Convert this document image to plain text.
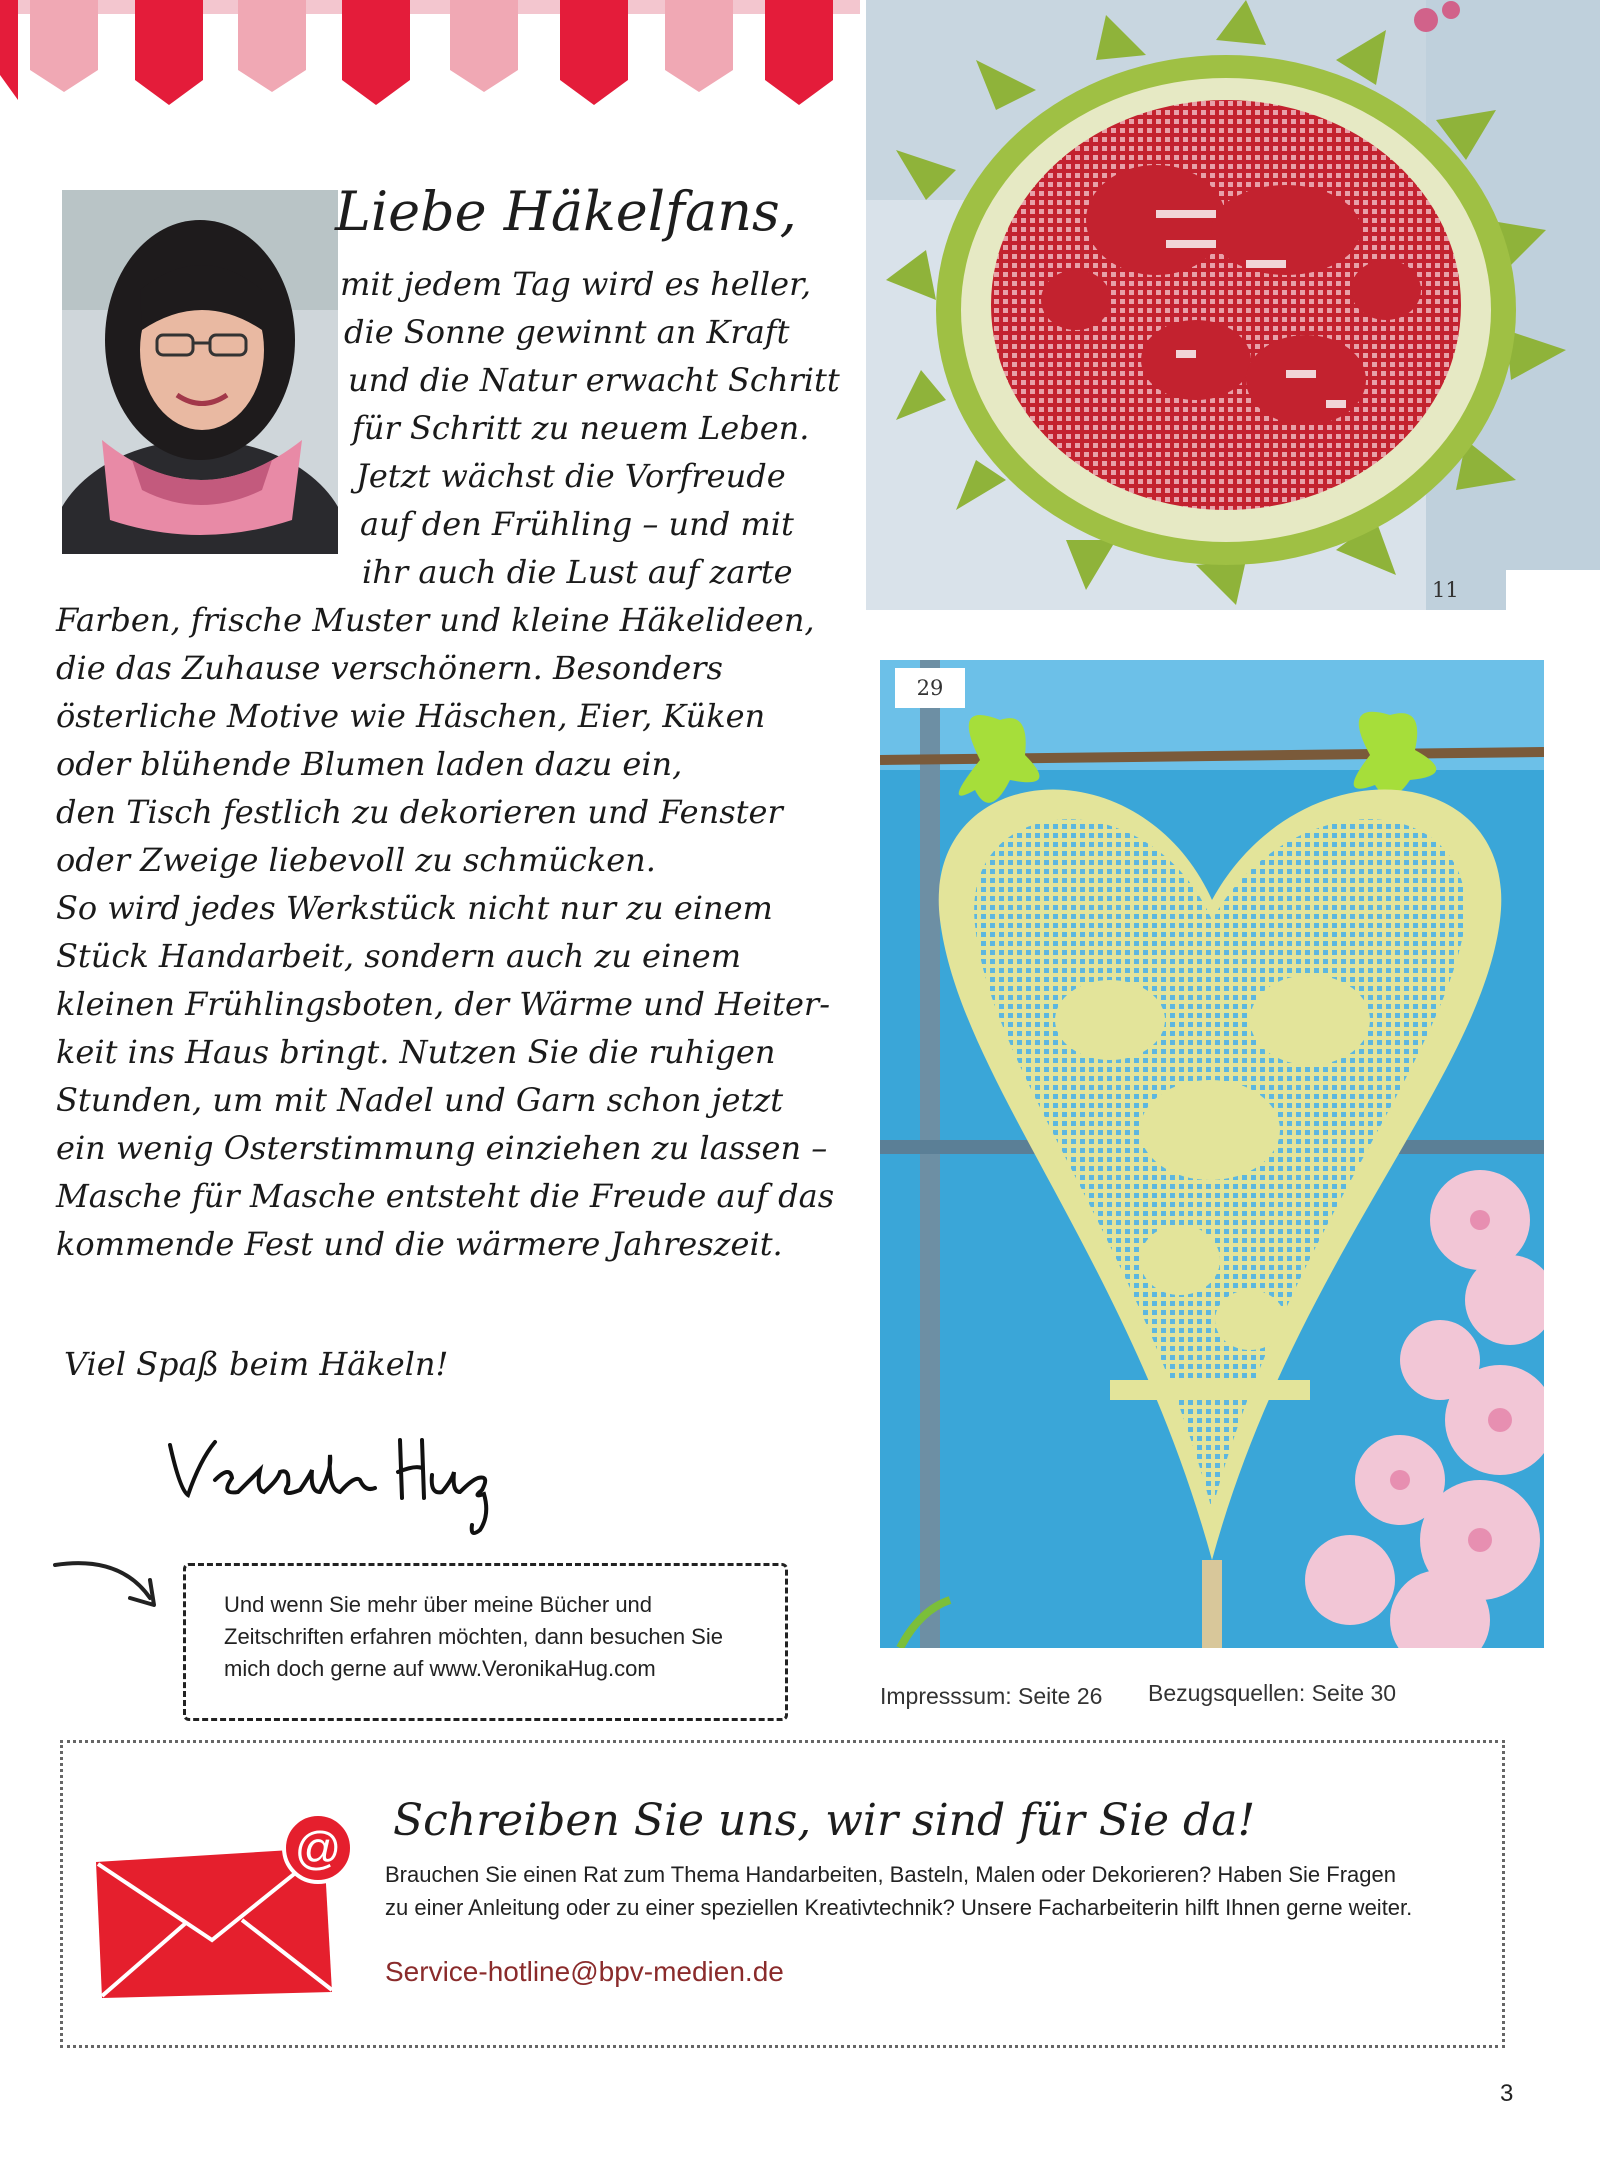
Liebe Häkelfans,
mit jedem Tag wird es heller,
die Sonne gewinnt an Kraft
und die Natur erwacht Schritt
für Schritt zu neuem Leben.
Jetzt wächst die Vorfreude
auf den Frühling – und mit
ihr auch die Lust auf zarte
Farben, frische Muster und kleine Häkelideen,
die das Zuhause verschönern. Besonders
österliche Motive wie Häschen, Eier, Küken
oder blühende Blumen laden dazu ein,
den Tisch festlich zu dekorieren und Fenster
oder Zweige liebevoll zu schmücken.
So wird jedes Werkstück nicht nur zu einem
Stück Handarbeit, sondern auch zu einem
kleinen Frühlingsboten, der Wärme und Heiter-
keit ins Haus bringt. Nutzen Sie die ruhigen
Stunden, um mit Nadel und Garn schon jetzt
ein wenig Osterstimmung einziehen zu lassen –
Masche für Masche entsteht die Freude auf das
kommende Fest und die wärmere Jahreszeit.
Viel Spaß beim Häkeln!
Und wenn Sie mehr über meine Bücher und
Zeitschriften erfahren möchten, dann besuchen Sie
mich doch gerne auf www.VeronikaHug.com
11
29
Impresssum: Seite 26 Bezugsquellen: Seite 30
@
Schreiben Sie uns, wir sind für Sie da!
Brauchen Sie einen Rat zum Thema Handarbeiten, Basteln, Malen oder Dekorieren? Haben Sie Fragen
zu einer Anleitung oder zu einer speziellen Kreativtechnik? Unsere Facharbeiterin hilft Ihnen gerne weiter.
Service-hotline@bpv-medien.de
3
